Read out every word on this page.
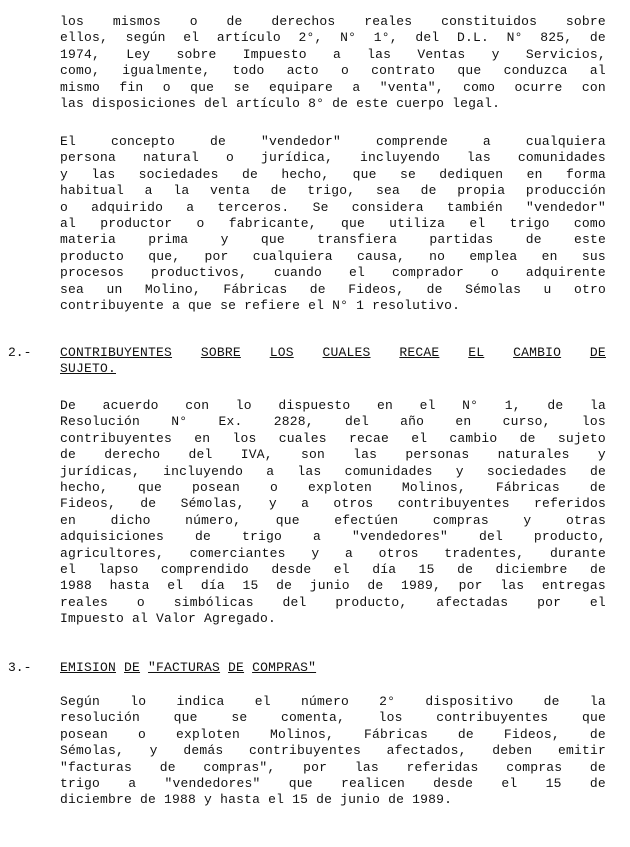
los mismos o de derechos reales constituidos sobre
ellos, según el artículo 2°, N° 1°, del D.L. N° 825, de
1974, Ley sobre Impuesto a las Ventas y Servicios,
como, igualmente, todo acto o contrato que conduzca al
mismo fin o que se equipare a "venta", como ocurre con
las disposiciones del artículo 8° de este cuerpo legal.
El	concepto	de	"vendedor"	comprende	a	cualquiera
persona natural o jurídica, incluyendo las comunidades
y las sociedades de hecho, que se dediquen en forma
habitual a la venta de trigo, sea de propia producción
o adquirido a terceros. Se considera también "vendedor"
al productor o fabricante, que utiliza el trigo como
materia prima y que transfiera partidas de este
producto que, por cualquiera causa, no emplea en sus
procesos productivos, cuando el comprador o adquirente
sea un Molino, Fábricas de Fideos, de Sémolas u otro
contribuyente a que se refiere el N° 1 resolutivo.
2.- CONTRIBUYENTES SOBRE LOS CUALES RECAE EL CAMBIO DE
SUJETO.
De acuerdo con lo dispuesto en el N° 1, de la
Resolución N° Ex. 2828, del año en curso, los
contribuyentes en los cuales recae el cambio de sujeto
de derecho del IVA, son las personas naturales y
jurídicas, incluyendo a las comunidades y sociedades de
hecho, que posean o exploten Molinos, Fábricas de
Fideos, de Sémolas, y a otros contribuyentes referidos
en	dicho	número,	que	efectúen	compras	y	otras
adquisiciones de trigo a "vendedores" del producto,
agricultores, comerciantes y a otros tradentes, durante
el lapso comprendido desde el día 15 de diciembre de
1988 hasta el día 15 de junio de 1989, por las entregas
reales o simbólicas del producto, afectadas por el
Impuesto al Valor Agregado.
3.- EMISION DE "FACTURAS DE COMPRAS"
Según lo indica el número 2° dispositivo de la
resolución	que	se	comenta,	los	contribuyentes	que
posean o exploten Molinos, Fábricas de Fideos, de
Sémolas, y demás contribuyentes afectados, deben emitir
"facturas de compras", por las referidas compras de
trigo a "vendedores" que realicen desde el 15 de
diciembre de 1988 y hasta el 15 de junio de 1989.
